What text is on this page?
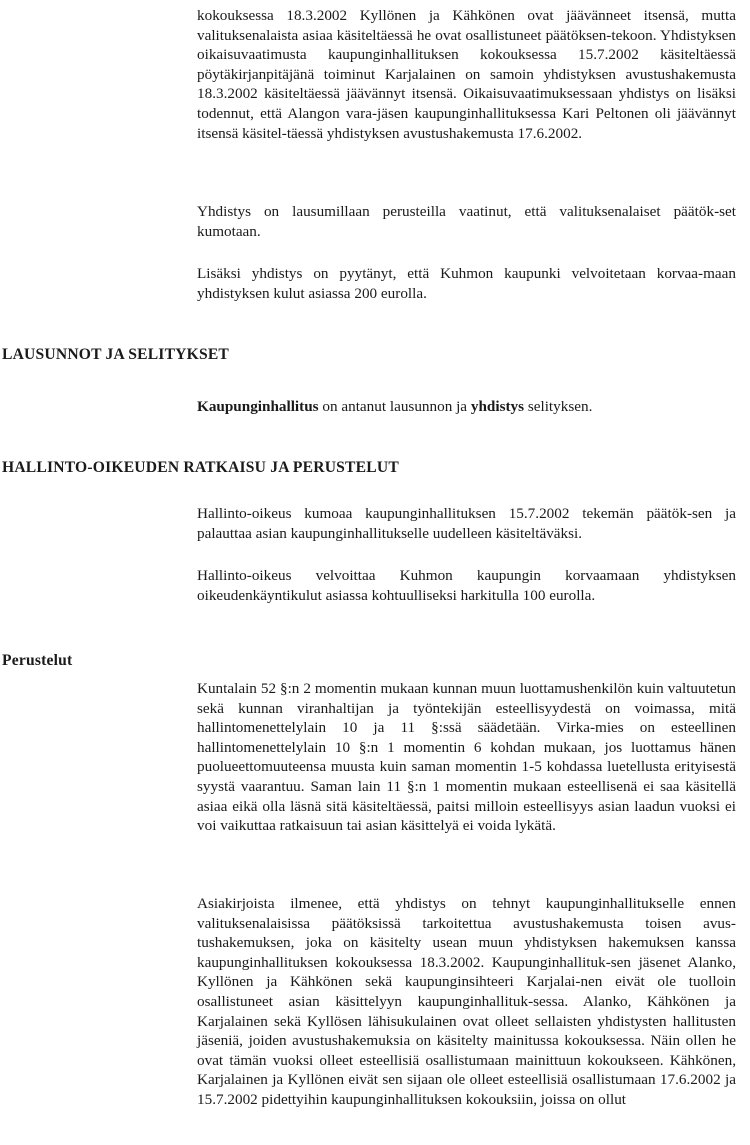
kokouksessa 18.3.2002 Kyllönen ja Kähkönen ovat jäävänneet itsensä, mutta valituksenalaista asiaa käsiteltäessä he ovat osallistuneet päätöksen-tekoon. Yhdistyksen oikaisuvaatimusta kaupunginhallituksen kokouksessa 15.7.2002 käsiteltäessä pöytäkirjanpitäjänä toiminut Karjalainen on samoin yhdistyksen avustushakemusta 18.3.2002 käsiteltäessä jäävännyt itsensä. Oikaisuvaatimuksessaan yhdistys on lisäksi todennut, että Alangon vara-jäsen kaupunginhallituksessa Kari Peltonen oli jäävännyt itsensä käsitel-täessä yhdistyksen avustushakemusta 17.6.2002.

Yhdistys on lausumillaan perusteilla vaatinut, että valituksenalaiset päätök-set kumotaan.

Lisäksi yhdistys on pyytänyt, että Kuhmon kaupunki velvoitetaan korvaa-maan yhdistyksen kulut asiassa 200 eurolla.

LAUSUNNOT JA SELITYKSET

Kaupunginhallitus on antanut lausunnon ja yhdistys selityksen.

HALLINTO-OIKEUDEN RATKAISU JA PERUSTELUT

Hallinto-oikeus kumoaa kaupunginhallituksen 15.7.2002 tekemän päätök-sen ja palauttaa asian kaupunginhallitukselle uudelleen käsiteltäväksi.

Hallinto-oikeus velvoittaa Kuhmon kaupungin korvaamaan yhdistyksen oikeudenkäyntikulut asiassa kohtuulliseksi harkitulla 100 eurolla.

Perustelut

Kuntalain 52 §:n 2 momentin mukaan kunnan muun luottamushenkilön kuin valtuutetun sekä kunnan viranhaltijan ja työntekijän esteellisyydestä on voimassa, mitä hallintomenettelylain 10 ja 11 §:ssä säädetään. Virka-mies on esteellinen hallintomenettelylain 10 §:n 1 momentin 6 kohdan mukaan, jos luottamus hänen puolueettomuuteensa muusta kuin saman momentin 1-5 kohdassa luetellusta erityisestä syystä vaarantuu. Saman lain 11 §:n 1 momentin mukaan esteellisenä ei saa käsitellä asiaa eikä olla läsnä sitä käsiteltäessä, paitsi milloin esteellisyys asian laadun vuoksi ei voi vaikuttaa ratkaisuun tai asian käsittelyä ei voida lykätä.

Asiakirjoista ilmenee, että yhdistys on tehnyt kaupunginhallitukselle ennen valituksenalaisissa päätöksissä tarkoitettua avustushakemusta toisen avus-tushakemuksen, joka on käsitelty usean muun yhdistyksen hakemuksen kanssa kaupunginhallituksen kokouksessa 18.3.2002. Kaupunginhallituk-sen jäsenet Alanko, Kyllönen ja Kähkönen sekä kaupunginsihteeri Karjalai-nen eivät ole tuolloin osallistuneet asian käsittelyyn kaupunginhallituk-sessa. Alanko, Kähkönen ja Karjalainen sekä Kyllösen lähisukulainen ovat olleet sellaisten yhdistysten hallitusten jäseniä, joiden avustushakemuksia on käsitelty mainitussa kokouksessa. Näin ollen he ovat tämän vuoksi olleet esteellisiä osallistumaan mainittuun kokoukseen. Kähkönen, Karjalainen ja Kyllönen eivät sen sijaan ole olleet esteellisiä osallistumaan 17.6.2002 ja 15.7.2002 pidettyihin kaupunginhallituksen kokouksiin, joissa on ollut
